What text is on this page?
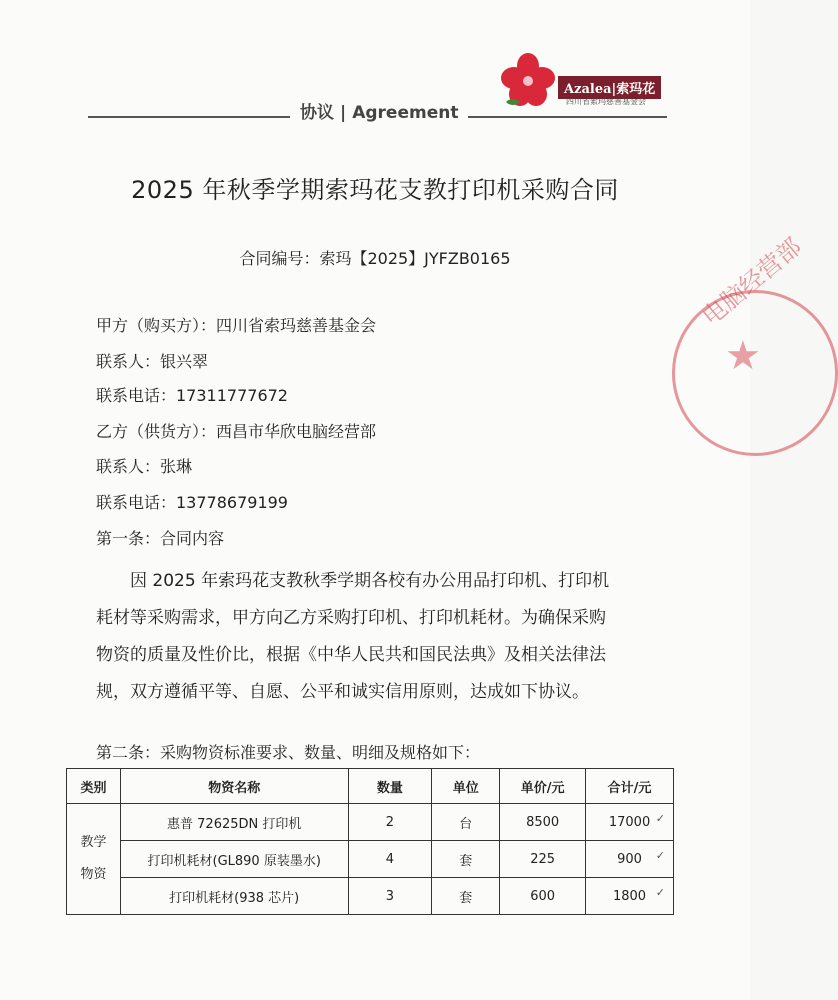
Azalea|索玛花
四川省索玛慈善基金会
协议 | Agreement
2025 年秋季学期索玛花支教打印机采购合同
合同编号：索玛【2025】JYFZB0165
甲方（购买方）：四川省索玛慈善基金会
联系人：银兴翠
联系电话：17311777672
乙方（供货方）：西昌市华欣电脑经营部
联系人：张琳
联系电话：13778679199
第一条：合同内容
因 2025 年索玛花支教秋季学期各校有办公用品打印机、打印机
耗材等采购需求，甲方向乙方采购打印机、打印机耗材。为确保采购
物资的质量及性价比，根据《中华人民共和国民法典》及相关法律法
规，双方遵循平等、自愿、公平和诚实信用原则，达成如下协议。
第二条：采购物资标准要求、数量、明细及规格如下：
电脑经营部
★
类别	物资名称	数量	单位	单价/元	合计/元
教学
物资	惠普 72625DN 打印机	2	台	8500	17000 ✓

	打印机耗材(GL890 原装墨水)	4	套	225	900 ✓

	打印机耗材(938 芯片)	3	套	600	1800 ✓
